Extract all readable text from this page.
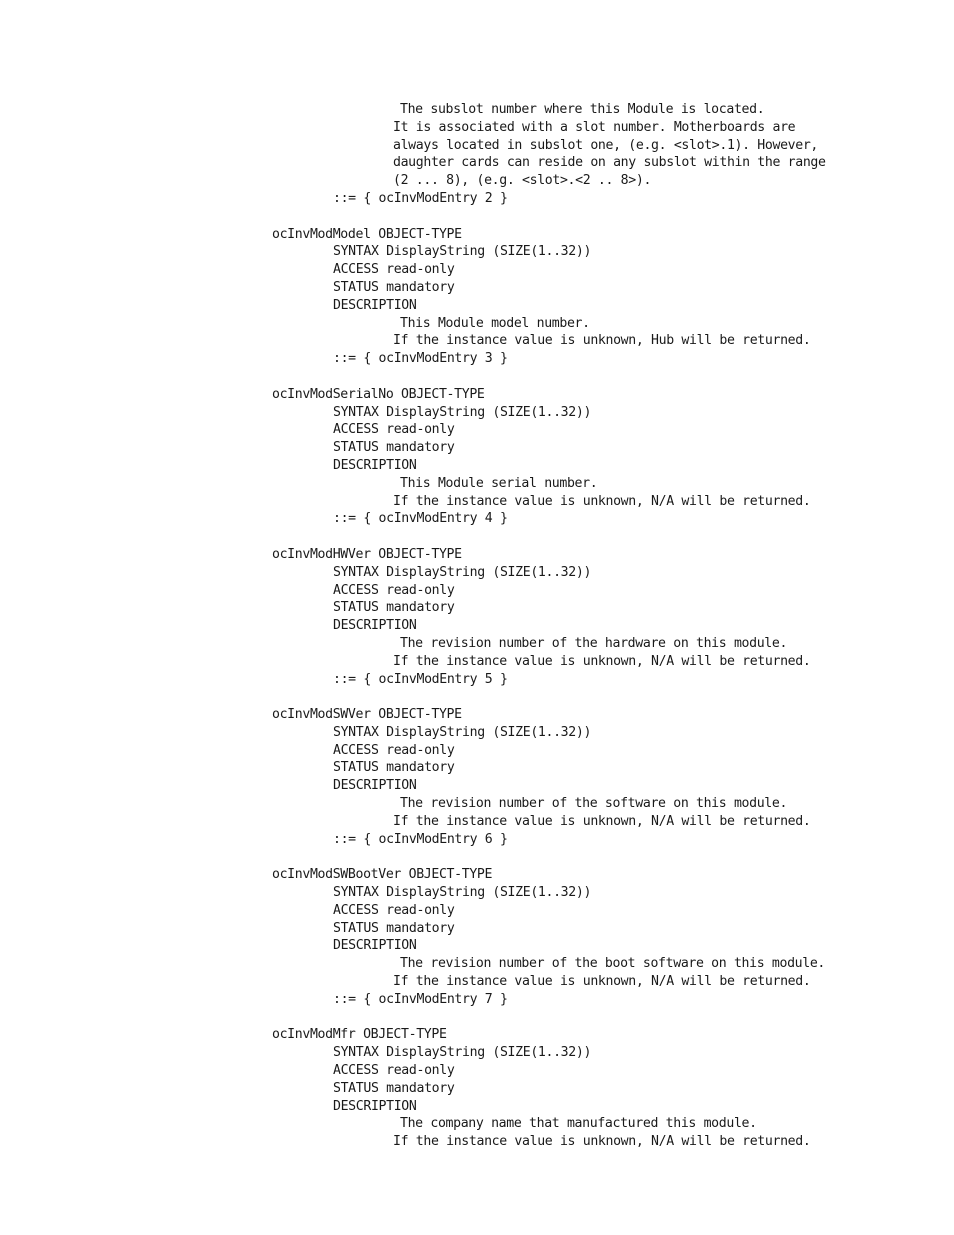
The subslot number where this Module is located.
It is associated with a slot number. Motherboards are
always located in subslot one, (e.g. <slot>.1). However,
daughter cards can reside on any subslot within the range
(2 ... 8), (e.g. <slot>.<2 .. 8>).
::= { ocInvModEntry 2 }
ocInvModModel OBJECT-TYPE
SYNTAX DisplayString (SIZE(1..32))
ACCESS read-only
STATUS mandatory
DESCRIPTION
This Module model number.
If the instance value is unknown, Hub will be returned.
::= { ocInvModEntry 3 }
ocInvModSerialNo OBJECT-TYPE
SYNTAX DisplayString (SIZE(1..32))
ACCESS read-only
STATUS mandatory
DESCRIPTION
This Module serial number.
If the instance value is unknown, N/A will be returned.
::= { ocInvModEntry 4 }
ocInvModHWVer OBJECT-TYPE
SYNTAX DisplayString (SIZE(1..32))
ACCESS read-only
STATUS mandatory
DESCRIPTION
The revision number of the hardware on this module.
If the instance value is unknown, N/A will be returned.
::= { ocInvModEntry 5 }
ocInvModSWVer OBJECT-TYPE
SYNTAX DisplayString (SIZE(1..32))
ACCESS read-only
STATUS mandatory
DESCRIPTION
The revision number of the software on this module.
If the instance value is unknown, N/A will be returned.
::= { ocInvModEntry 6 }
ocInvModSWBootVer OBJECT-TYPE
SYNTAX DisplayString (SIZE(1..32))
ACCESS read-only
STATUS mandatory
DESCRIPTION
The revision number of the boot software on this module.
If the instance value is unknown, N/A will be returned.
::= { ocInvModEntry 7 }
ocInvModMfr OBJECT-TYPE
SYNTAX DisplayString (SIZE(1..32))
ACCESS read-only
STATUS mandatory
DESCRIPTION
The company name that manufactured this module.
If the instance value is unknown, N/A will be returned.
